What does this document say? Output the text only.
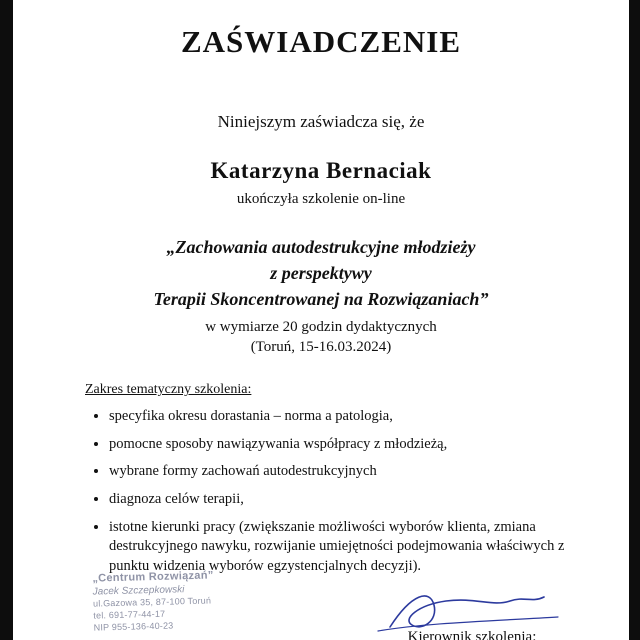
ZAŚWIADCZENIE

Niniejszym zaświadcza się, że

Katarzyna Bernaciak

ukończyła szkolenie on-line

„Zachowania autodestrukcyjne młodzieży

z perspektywy

Terapii Skoncentrowanej na Rozwiązaniach”

w wymiarze 20 godzin dydaktycznych

(Toruń, 15-16.03.2024)

Zakres tematyczny szkolenia:

• specyfika okresu dorastania – norma a patologia,
• pomocne sposoby nawiązywania współpracy z młodzieżą,
• wybrane formy zachowań autodestrukcyjnych
• diagnoza celów terapii,
• istotne kierunki pracy (zwiększanie możliwości wyborów klienta, zmiana destrukcyjnego nawyku, rozwijanie umiejętności podejmowania właściwych z punktu widzenia wyborów egzystencjalnych decyzji).

„Centrum Rozwiązań”

Jacek Szczepkowski

ul.Gazowa 35, 87-100 Toruń

tel. 691-77-44-17

NIP 955-136-40-23

Kierownik szkolenia:
